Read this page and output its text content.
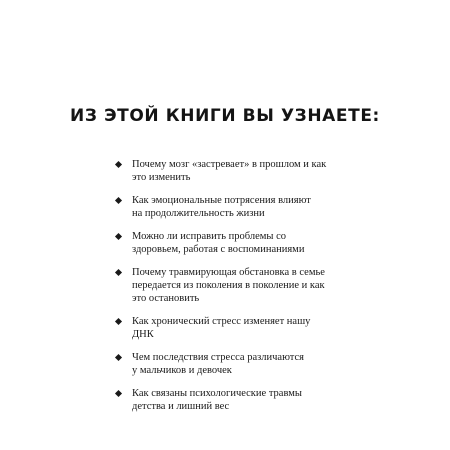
ИЗ ЭТОЙ КНИГИ ВЫ УЗНАЕТЕ:
Почему мозг «застревает» в прошлом и как
это изменить
Как эмоциональные потрясения влияют
на продолжительность жизни
Можно ли исправить проблемы со
здоровьем, работая с воспоминаниями
Почему травмирующая обстановка в семье
передается из поколения в поколение и как
это остановить
Как хронический стресс изменяет нашу
ДНК
Чем последствия стресса различаются
у мальчиков и девочек
Как связаны психологические травмы
детства и лишний вес
